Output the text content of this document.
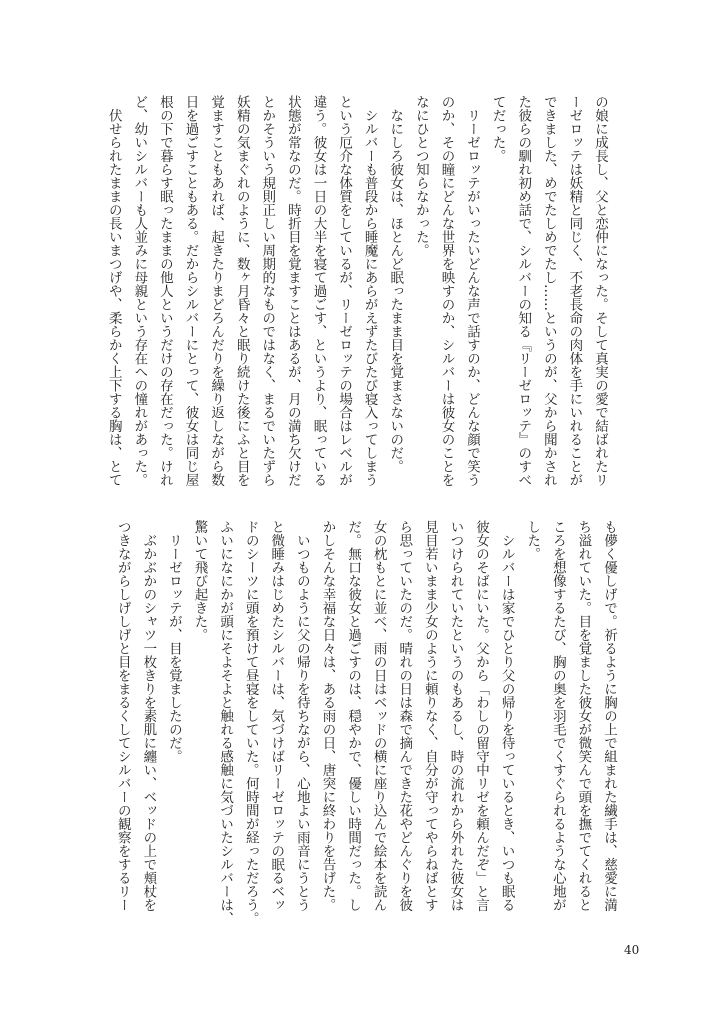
の娘に成長し、父と恋仲になった。そして真実の愛で結ばれたリ
ーゼロッテは妖精と同じく、不老長命の肉体を手にいれることが
できました、めでたしめでたし……というのが、父から聞かされ
た彼らの馴れ初め話で、シルバーの知る『リーゼロッテ』のすべ
てだった。
　リーゼロッテがいったいどんな声で話すのか、どんな顔で笑う
のか、その瞳にどんな世界を映すのか、シルバーは彼女のことを
なにひとつ知らなかった。
　なにしろ彼女は、ほとんど眠ったまま目を覚まさないのだ。
　シルバーも普段から睡魔にあらがえずたびたび寝入ってしまう
という厄介な体質をしているが、リーゼロッテの場合はレベルが
違う。彼女は一日の大半を寝て過ごす、というより、眠っている
状態が常なのだ。時折目を覚ますことはあるが、月の満ち欠けだ
とかそういう規則正しい周期的なものではなく、まるでいたずら
妖精の気まぐれのように、数ヶ月昏々と眠り続けた後にふと目を
覚ますこともあれば、起きたりまどろんだりを繰り返しながら数
日を過ごすこともある。だからシルバーにとって、彼女は同じ屋
根の下で暮らす眠ったままの他人というだけの存在だった。けれ
ど、幼いシルバーも人並みに母親という存在への憧れがあった。
　伏せられたままの長いまつげや、柔らかく上下する胸は、とて
も儚く優しげで。祈るように胸の上で組まれた繊手は、慈愛に満
ち溢れていた。目を覚ました彼女が微笑んで頭を撫でてくれると
ころを想像するたび、胸の奥を羽毛でくすぐられるような心地が
した。
　シルバーは家でひとり父の帰りを待っているとき、いつも眠る
彼女のそばにいた。父から「わしの留守中リゼを頼んだぞ」と言
いつけられていたというのもあるし、時の流れから外れた彼女は
見目若いまま少女のように頼りなく、自分が守ってやらねばとす
ら思っていたのだ。晴れの日は森で摘んできた花やどんぐりを彼
女の枕もとに並べ、雨の日はベッドの横に座り込んで絵本を読ん
だ。無口な彼女と過ごすのは、穏やかで、優しい時間だった。し
かしそんな幸福な日々は、ある雨の日、唐突に終わりを告げた。
　いつものように父の帰りを待ちながら、心地よい雨音にうとう
と微睡みはじめたシルバーは、気づけばリーゼロッテの眠るベッ
ドのシーツに頭を預けて昼寝をしていた。何時間が経っただろう。
ふいになにかが頭にそよそよと触れる感触に気づいたシルバーは、
驚いて飛び起きた。
　リーゼロッテが、目を覚ましたのだ。
　ぶかぶかのシャツ一枚きりを素肌に纏い、ベッドの上で頬杖を
つきながらしげしげと目をまるくしてシルバーの観察をするリー
40
